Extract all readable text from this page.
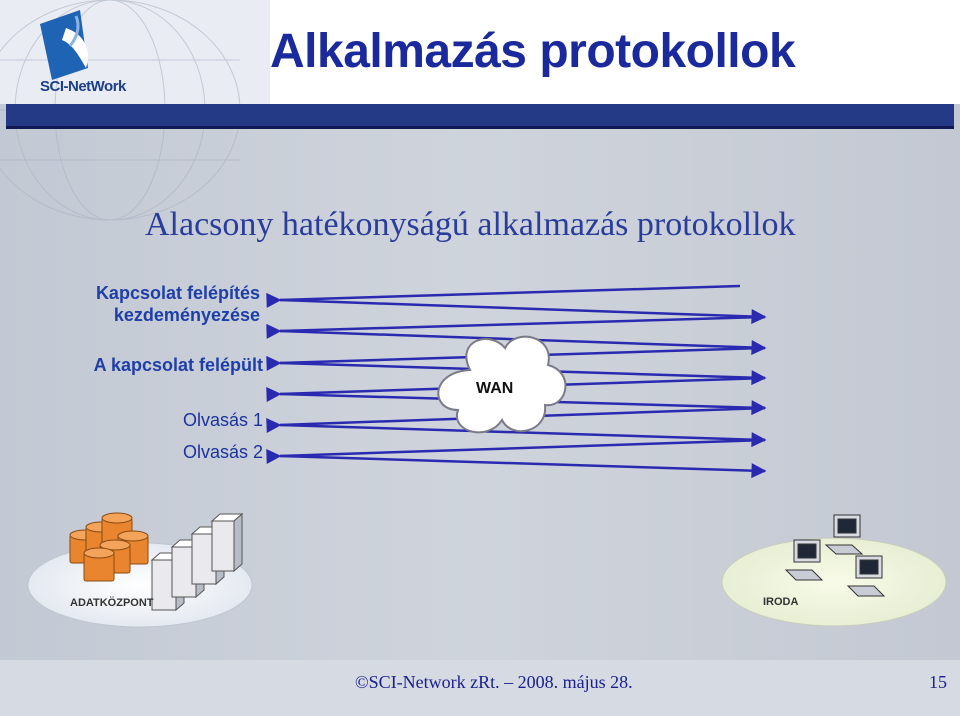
SCI-NetWork
Alkalmazás protokollok
Alacsony hatékonyságú alkalmazás protokollok
Kapcsolat felépítés
kezdeményezése
A kapcsolat felépült
Olvasás 1
Olvasás 2
WAN
ADATKÖZPONT	IRODA
©SCI-Network zRt. – 2008. május 28.	15
